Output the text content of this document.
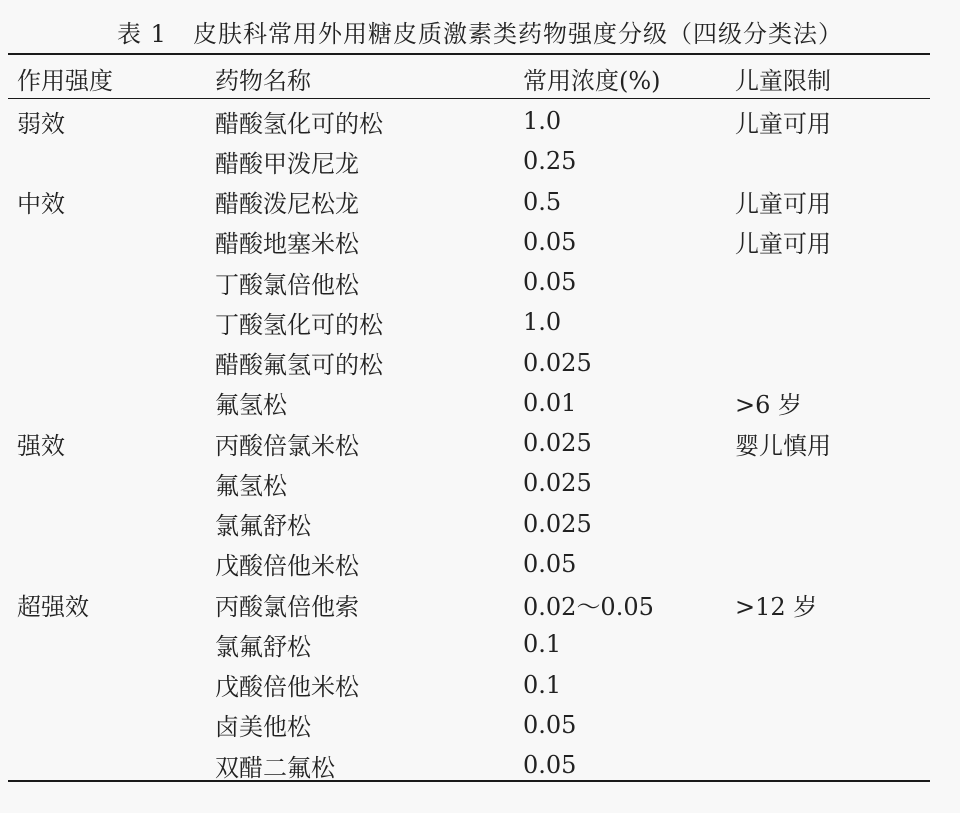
表 1 皮肤科常用外用糖皮质激素类药物强度分级（四级分类法）
作用强度	药物名称	常用浓度(%)	儿童限制

弱效	醋酸氢化可的松	1.0	儿童可用
	醋酸甲泼尼龙	0.25	
中效	醋酸泼尼松龙	0.5	儿童可用
	醋酸地塞米松	0.05	儿童可用
	丁酸氯倍他松	0.05	
	丁酸氢化可的松	1.0	
	醋酸氟氢可的松	0.025	
	氟氢松	0.01	>6 岁
强效	丙酸倍氯米松	0.025	婴儿慎用
	氟氢松	0.025	
	氯氟舒松	0.025	
	戊酸倍他米松	0.05	
超强效	丙酸氯倍他索	0.02～0.05	>12 岁
	氯氟舒松	0.1	
	戊酸倍他米松	0.1	
	卤美他松	0.05	
	双醋二氟松	0.05	
